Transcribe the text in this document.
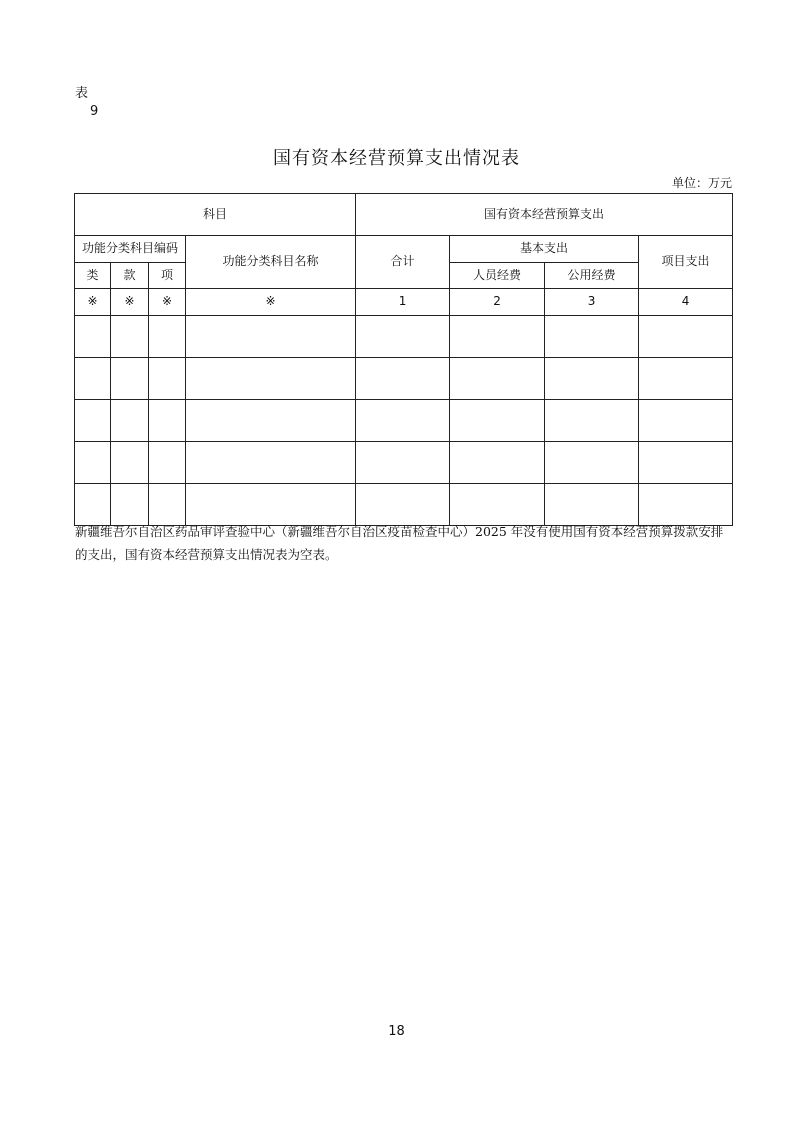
表
9
国有资本经营预算支出情况表
单位：万元
科目				国有资本经营预算支出			
功能分类科目编码			功能分类科目名称	合计	基本支出		项目支出
类	款	项			人员经费	公用经费	
※	※	※	※	1	2	3	4

新疆维吾尔自治区药品审评查验中心（新疆维吾尔自治区疫苗检查中心）2025 年没有使用国有资本经营预算拨款安排的支出，国有资本经营预算支出情况表为空表。
18
